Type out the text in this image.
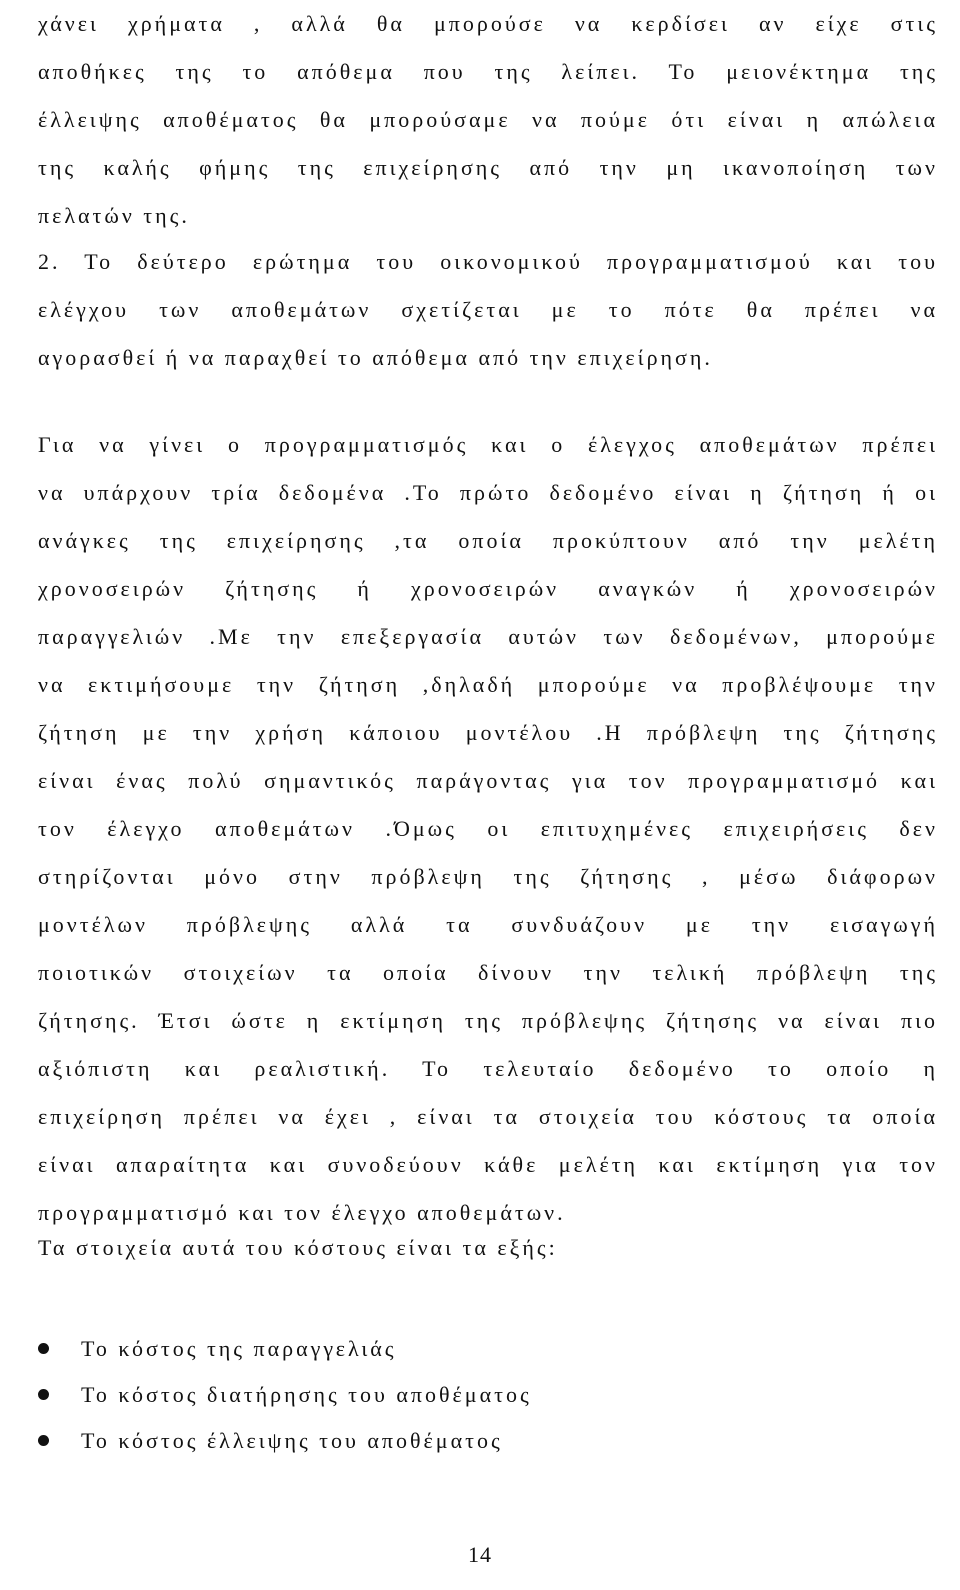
χάνει χρήματα , αλλά θα μπορούσε να κερδίσει αν είχε στις
αποθήκες της το απόθεμα που της λείπει. Το μειονέκτημα της
έλλειψης αποθέματος θα μπορούσαμε να πούμε ότι είναι η απώλεια
της καλής φήμης της επιχείρησης από την μη ικανοποίηση των
πελατών της.
2. Το δεύτερο ερώτημα του οικονομικού προγραμματισμού και του
ελέγχου των αποθεμάτων σχετίζεται με το πότε θα πρέπει να
αγορασθεί ή να παραχθεί το απόθεμα από την επιχείρηση.
Για να γίνει ο προγραμματισμός και ο έλεγχος αποθεμάτων πρέπει
να υπάρχουν τρία δεδομένα .Το πρώτο δεδομένο είναι η ζήτηση ή οι
ανάγκες της επιχείρησης ,τα οποία προκύπτουν από την μελέτη
χρονοσειρών ζήτησης ή χρονοσειρών αναγκών ή χρονοσειρών
παραγγελιών .Με την επεξεργασία αυτών των δεδομένων, μπορούμε
να εκτιμήσουμε την ζήτηση ,δηλαδή μπορούμε να προβλέψουμε την
ζήτηση με την χρήση κάποιου μοντέλου .Η πρόβλεψη της ζήτησης
είναι ένας πολύ σημαντικός παράγοντας για τον προγραμματισμό και
τον έλεγχο αποθεμάτων .Όμως οι επιτυχημένες επιχειρήσεις δεν
στηρίζονται μόνο στην πρόβλεψη της ζήτησης , μέσω διάφορων
μοντέλων πρόβλεψης αλλά τα συνδυάζουν με την εισαγωγή
ποιοτικών στοιχείων τα οποία δίνουν την τελική πρόβλεψη της
ζήτησης. Έτσι ώστε η εκτίμηση της πρόβλεψης ζήτησης να είναι πιο
αξιόπιστη και ρεαλιστική. Το τελευταίο δεδομένο το οποίο η
επιχείρηση πρέπει να έχει , είναι τα στοιχεία του κόστους τα οποία
είναι απαραίτητα και συνοδεύουν κάθε μελέτη και εκτίμηση για τον
προγραμματισμό και τον έλεγχο αποθεμάτων.
Τα στοιχεία αυτά του κόστους είναι τα εξής:
Το κόστος της παραγγελιάς
Το κόστος διατήρησης του αποθέματος
Το κόστος έλλειψης του αποθέματος
14
